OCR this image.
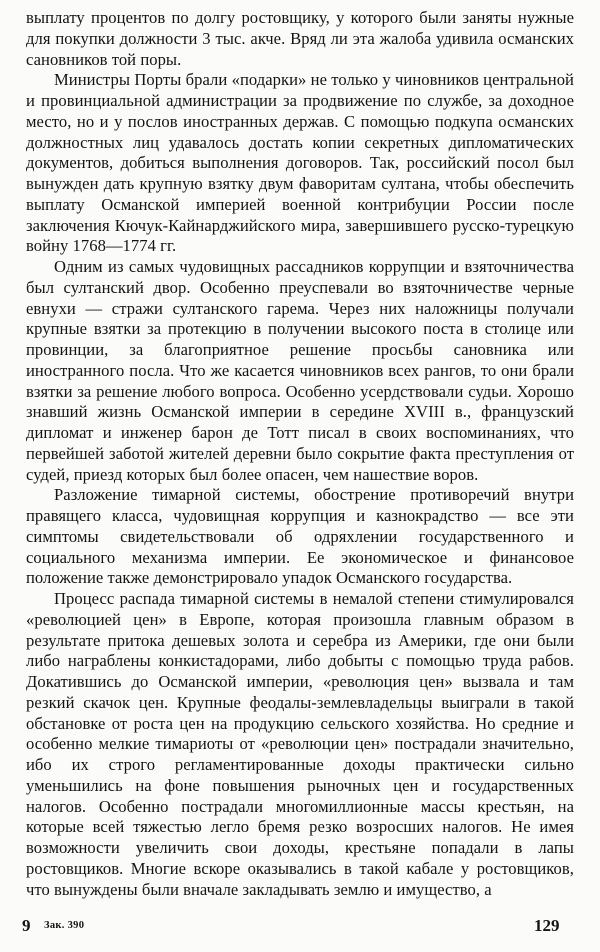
выплату процентов по долгу ростовщику, у которого были заняты нужные для покупки должности 3 тыс. акче. Вряд ли эта жалоба удивила османских сановников той поры.

Министры Порты брали «подарки» не только у чиновников центральной и провинциальной администрации за продвижение по службе, за доходное место, но и у послов иностранных держав. С помощью подкупа османских должностных лиц удавалось достать копии секретных дипломатических документов, добиться выполнения договоров. Так, российский посол был вынужден дать крупную взятку двум фаворитам султана, чтобы обеспечить выплату Османской империей военной контрибуции России после заключения Кючук-Кайнарджийского мира, завершившего русско-турецкую войну 1768—1774 гг.

Одним из самых чудовищных рассадников коррупции и взяточничества был султанский двор. Особенно преуспевали во взяточничестве черные евнухи — стражи султанского гарема. Через них наложницы получали крупные взятки за протекцию в получении высокого поста в столице или провинции, за благоприятное решение просьбы сановника или иностранного посла. Что же касается чиновников всех рангов, то они брали взятки за решение любого вопроса. Особенно усердствовали судьи. Хорошо знавший жизнь Османской империи в середине XVIII в., французский дипломат и инженер барон де Тотт писал в своих воспоминаниях, что первейшей заботой жителей деревни было сокрытие факта преступления от судей, приезд которых был более опасен, чем нашествие воров.

Разложение тимарной системы, обострение противоречий внутри правящего класса, чудовищная коррупция и казнокрадство — все эти симптомы свидетельствовали об одряхлении государственного и социального механизма империи. Ее экономическое и финансовое положение также демонстрировало упадок Османского государства.

Процесс распада тимарной системы в немалой степени стимулировался «революцией цен» в Европе, которая произошла главным образом в результате притока дешевых золота и серебра из Америки, где они были либо награблены конкистадорами, либо добыты с помощью труда рабов. Докатившись до Османской империи, «революция цен» вызвала и там резкий скачок цен. Крупные феодалы-землевладельцы выиграли в такой обстановке от роста цен на продукцию сельского хозяйства. Но средние и особенно мелкие тимариоты от «революции цен» пострадали значительно, ибо их строго регламентированные доходы практически сильно уменьшились на фоне повышения рыночных цен и государственных налогов. Особенно пострадали многомиллионные массы крестьян, на которые всей тяжестью легло бремя резко возросших налогов. Не имея возможности увеличить свои доходы, крестьяне попадали в лапы ростовщиков. Многие вскоре оказывались в такой кабале у ростовщиков, что вынуждены были вначале закладывать землю и имущество, а

9 Зак. 390	129
